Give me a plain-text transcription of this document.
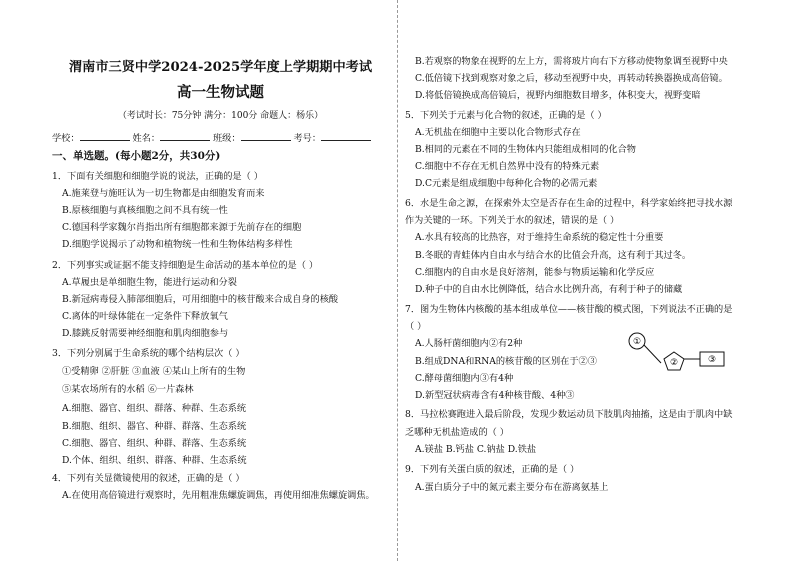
渭南市三贤中学2024-2025学年度上学期期中考试
高一生物试题
（考试时长：75分钟 满分：100分 命题人：杨乐）
学校：	姓名：	班级：	考号：
一、单选题。(每小题2分，共30分)
1．下面有关细胞和细胞学说的说法，正确的是（ ）
A.施莱登与施旺认为一切生物都是由细胞发育而来
B.原核细胞与真核细胞之间不具有统一性
C.德国科学家魏尔肖指出所有细胞都来源于先前存在的细胞
D.细胞学说揭示了动物和植物统一性和生物体结构多样性
2．下列事实或证据不能支持细胞是生命活动的基本单位的是（ ）
A.草履虫是单细胞生物，能进行运动和分裂
B.新冠病毒侵入肺部细胞后，可用细胞中的核苷酸来合成自身的核酸
C.离体的叶绿体能在一定条件下释放氧气
D.膝跳反射需要神经细胞和肌肉细胞参与
3．下列分别属于生命系统的哪个结构层次（ ）
①受精卵 ②肝脏 ③血液 ④某山上所有的生物
⑤某农场所有的水稻 ⑥一片森林
A.细胞、器官、组织、群落、种群、生态系统
B.细胞、组织、器官、种群、群落、生态系统
C.细胞、器官、组织、种群、群落、生态系统
D.个体、组织、组织、群落、种群、生态系统
4．下列有关显微镜使用的叙述，正确的是（ ）
A.在使用高倍镜进行观察时，先用粗准焦螺旋调焦，再使用细准焦螺旋调焦。
B.若观察的物象在视野的左上方，需将玻片向右下方移动使物象调至视野中央
C.低倍镜下找到观察对象之后，移动至视野中央，再转动转换器换成高倍镜。
D.将低倍镜换成高倍镜后，视野内细胞数目增多，体积变大，视野变暗
5．下列关于元素与化合物的叙述，正确的是（ ）
A.无机盐在细胞中主要以化合物形式存在
B.相同的元素在不同的生物体内只能组成相同的化合物
C.细胞中不存在无机自然界中没有的特殊元素
D.C元素是组成细胞中每种化合物的必需元素
6．水是生命之源，在探索外太空是否存在生命的过程中，科学家始终把寻找水源
作为关键的一环。下列关于水的叙述，错误的是（ ）
A.水具有较高的比热容，对于维持生命系统的稳定性十分重要
B.冬眠的青蛙体内自由水与结合水的比值会升高，这有利于其过冬。
C.细胞内的自由水是良好溶剂，能参与物质运输和化学反应
D.种子中的自由水比例降低，结合水比例升高，有利于种子的储藏
7．图为生物体内核酸的基本组成单位——核苷酸的模式图，下列说法不正确的是
（ ）
A.人肠杆菌细胞内②有2种
B.组成DNA和RNA的核苷酸的区别在于②③
C.酵母菌细胞内③有4种
D.新型冠状病毒含有4种核苷酸、4种③
8．马拉松赛跑进入最后阶段，发现少数运动员下肢肌肉抽搐，这是由于肌肉中缺
乏哪种无机盐造成的（ ）
A.镁盐 B.钙盐 C.钠盐 D.铁盐
9．下列有关蛋白质的叙述，正确的是（ ）
A.蛋白质分子中的氮元素主要分布在游离氨基上
①
②	③
